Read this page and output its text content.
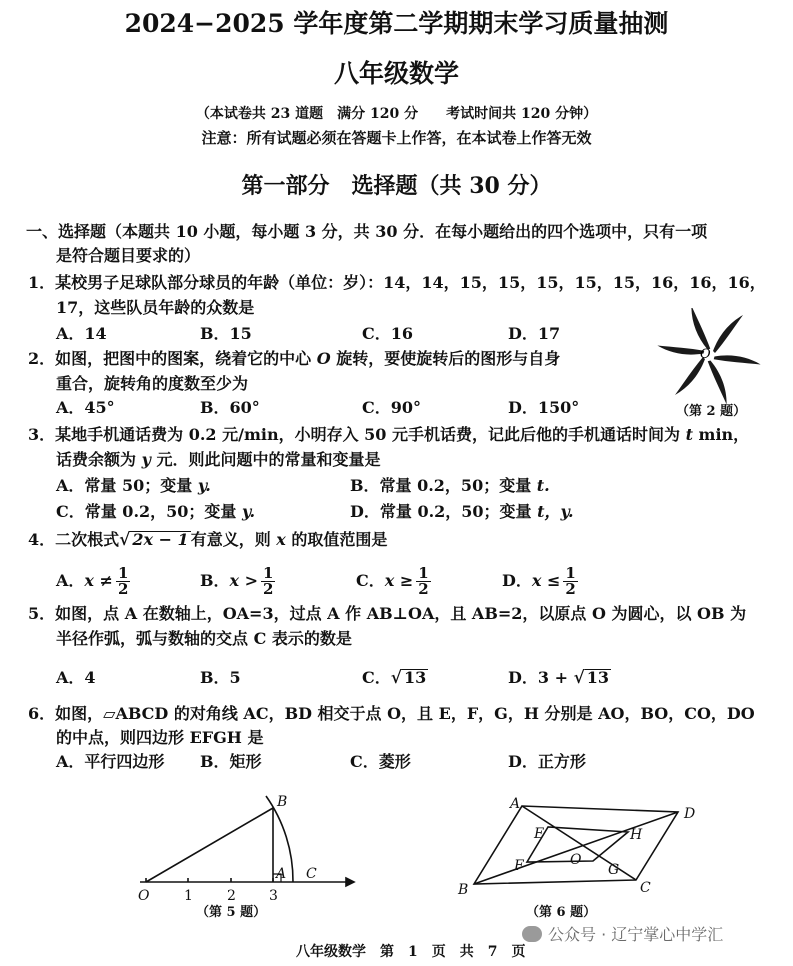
2024−2025 学年度第二学期期末学习质量抽测
八年级数学
（本试卷共 23 道题　满分 120 分　　考试时间共 120 分钟）
注意：所有试题必须在答题卡上作答，在本试卷上作答无效
第一部分　选择题（共 30 分）
一、选择题（本题共 10 小题，每小题 3 分，共 30 分．在每小题给出的四个选项中，只有一项
是符合题目要求的）
1．某校男子足球队部分球员的年龄（单位：岁）：14，14，15，15，15，15，15，16，16，16，
17，这些队员年龄的众数是
A．14	B．15	C．16	D．17
2．如图，把图中的图案，绕着它的中心 O 旋转，要使旋转后的图形与自身
重合，旋转角的度数至少为
A．45°	B．60°	C．90°	D．150°
O
（第 2 题）
3．某地手机通话费为 0.2 元/min，小明存入 50 元手机话费，记此后他的手机通话时间为 t min，
话费余额为 y 元．则此问题中的常量和变量是
A．常量 50；变量 y.	B．常量 0.2，50；变量 t.
C．常量 0.2，50；变量 y.	D．常量 0.2，50；变量 t，y.
4．二次根式√ 2x − 1 有意义，则 x 的取值范围是
A．$x \ne \frac{1}{2}$	B．$x > \frac{1}{2}$	C．$x \ge \frac{1}{2}$	D．$x \le \frac{1}{2}$
5．如图，点 A 在数轴上，OA=3，过点 A 作 AB⊥OA，且 AB=2，以原点 O 为圆心，以 OB 为
半径作弧，弧与数轴的交点 C 表示的数是
A．4	B．5	C．√ 13	D．3 + √ 13
6．如图，▱ABCD 的对角线 AC，BD 相交于点 O，且 E，F，G，H 分别是 AO，BO，CO，DO
的中点，则四边形 EFGH 是
A．平行四边形 B．矩形	C．菱形	D．正方形
O
A
B
C
1 2 3
（第 5 题）
A
D
C
B
E	H
F	G
O
（第 6 题）
八年级数学　第　1　页　共　7　页
公众号 · 辽宁掌心中学汇
